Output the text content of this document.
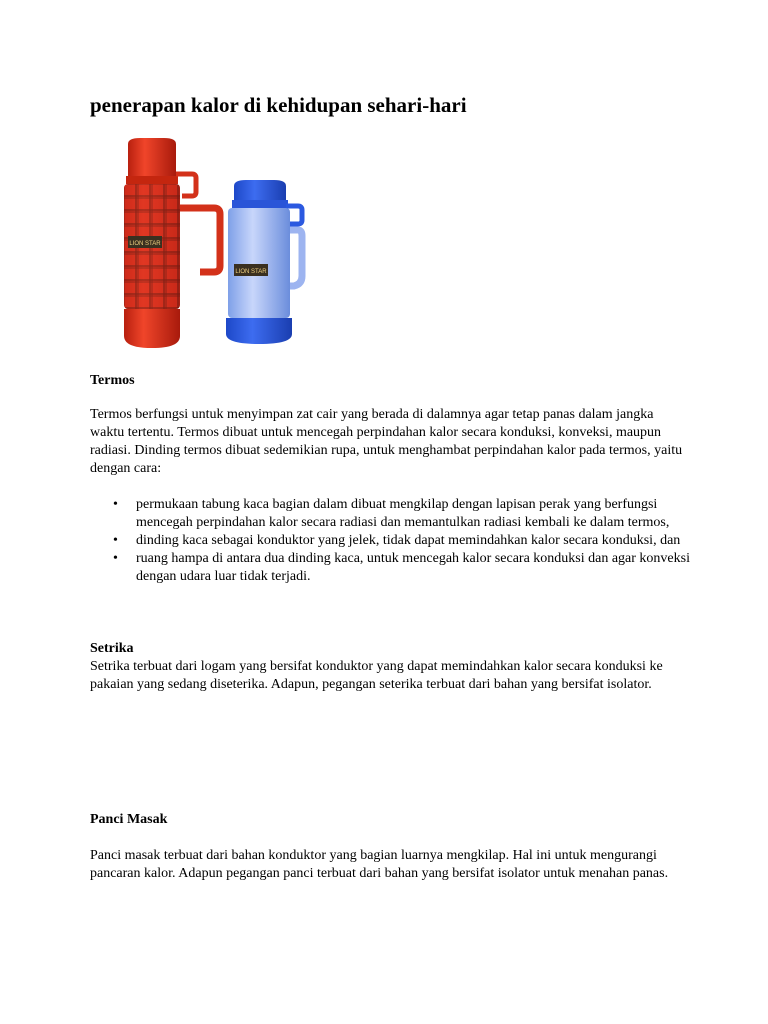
penerapan kalor di kehidupan sehari-hari
LION STAR
LION STAR
Termos

Termos berfungsi untuk menyimpan zat cair yang berada di dalamnya agar tetap panas dalam jangka waktu tertentu. Termos dibuat untuk mencegah perpindahan kalor secara konduksi, konveksi, maupun radiasi. Dinding termos dibuat sedemikian rupa, untuk menghambat perpindahan kalor pada termos, yaitu dengan cara:

• permukaan tabung kaca bagian dalam dibuat mengkilap dengan lapisan perak yang berfungsi mencegah perpindahan kalor secara radiasi dan memantulkan radiasi kembali ke dalam termos,
• dinding kaca sebagai konduktor yang jelek, tidak dapat memindahkan kalor secara konduksi, dan
• ruang hampa di antara dua dinding kaca, untuk mencegah kalor secara konduksi dan agar konveksi dengan udara luar tidak terjadi.
Setrika

Setrika terbuat dari logam yang bersifat konduktor yang dapat memindahkan kalor secara konduksi ke pakaian yang sedang diseterika. Adapun, pegangan seterika terbuat dari bahan yang bersifat isolator.

Panci Masak

Panci masak terbuat dari bahan konduktor yang bagian luarnya mengkilap. Hal ini untuk mengurangi pancaran kalor. Adapun pegangan panci terbuat dari bahan yang bersifat isolator untuk menahan panas.
